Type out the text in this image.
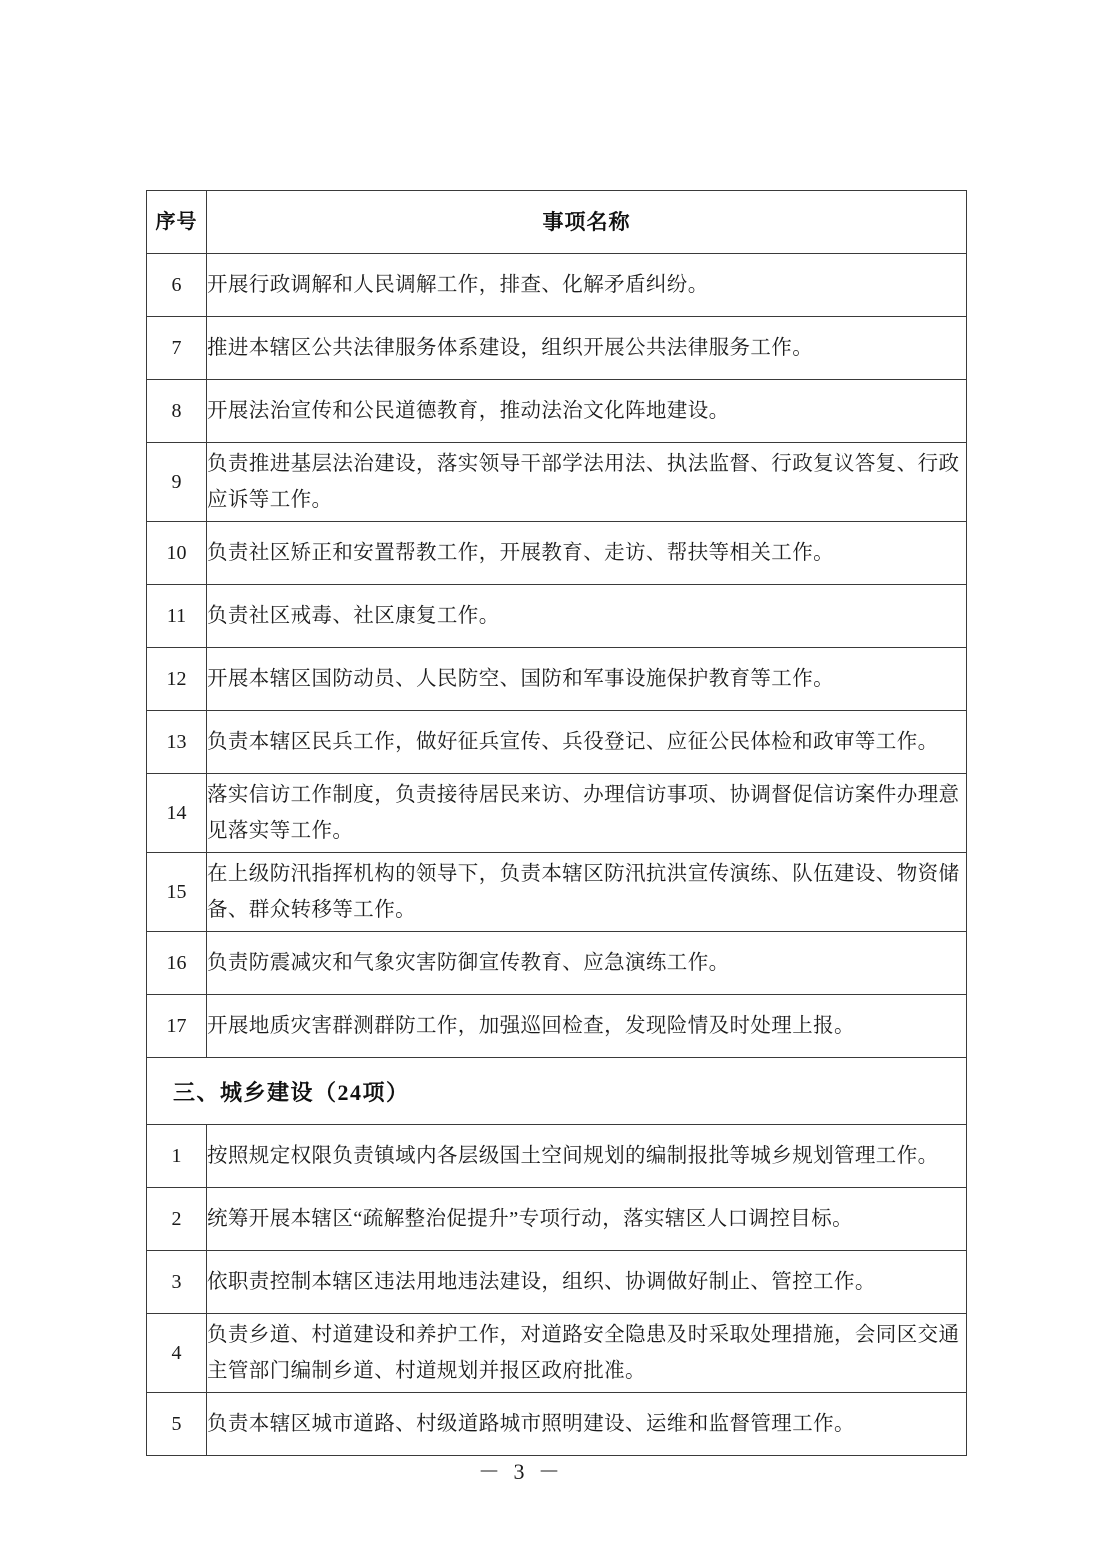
序号	事项名称
6	开展行政调解和人民调解工作，排查、化解矛盾纠纷。
7	推进本辖区公共法律服务体系建设，组织开展公共法律服务工作。
8	开展法治宣传和公民道德教育，推动法治文化阵地建设。
9	负责推进基层法治建设，落实领导干部学法用法、执法监督、行政复议答复、行政应诉等工作。
10	负责社区矫正和安置帮教工作，开展教育、走访、帮扶等相关工作。
11	负责社区戒毒、社区康复工作。
12	开展本辖区国防动员、人民防空、国防和军事设施保护教育等工作。
13	负责本辖区民兵工作，做好征兵宣传、兵役登记、应征公民体检和政审等工作。
14	落实信访工作制度，负责接待居民来访、办理信访事项、协调督促信访案件办理意见落实等工作。
15	在上级防汛指挥机构的领导下，负责本辖区防汛抗洪宣传演练、队伍建设、物资储备、群众转移等工作。
16	负责防震减灾和气象灾害防御宣传教育、应急演练工作。
17	开展地质灾害群测群防工作，加强巡回检查，发现险情及时处理上报。
三、城乡建设（24项）	
1	按照规定权限负责镇域内各层级国土空间规划的编制报批等城乡规划管理工作。
2	统筹开展本辖区“疏解整治促提升”专项行动，落实辖区人口调控目标。
3	依职责控制本辖区违法用地违法建设，组织、协调做好制止、管控工作。
4	负责乡道、村道建设和养护工作，对道路安全隐患及时采取处理措施，会同区交通主管部门编制乡道、村道规划并报区政府批准。
5	负责本辖区城市道路、村级道路城市照明建设、运维和监督管理工作。
－ 3 －
